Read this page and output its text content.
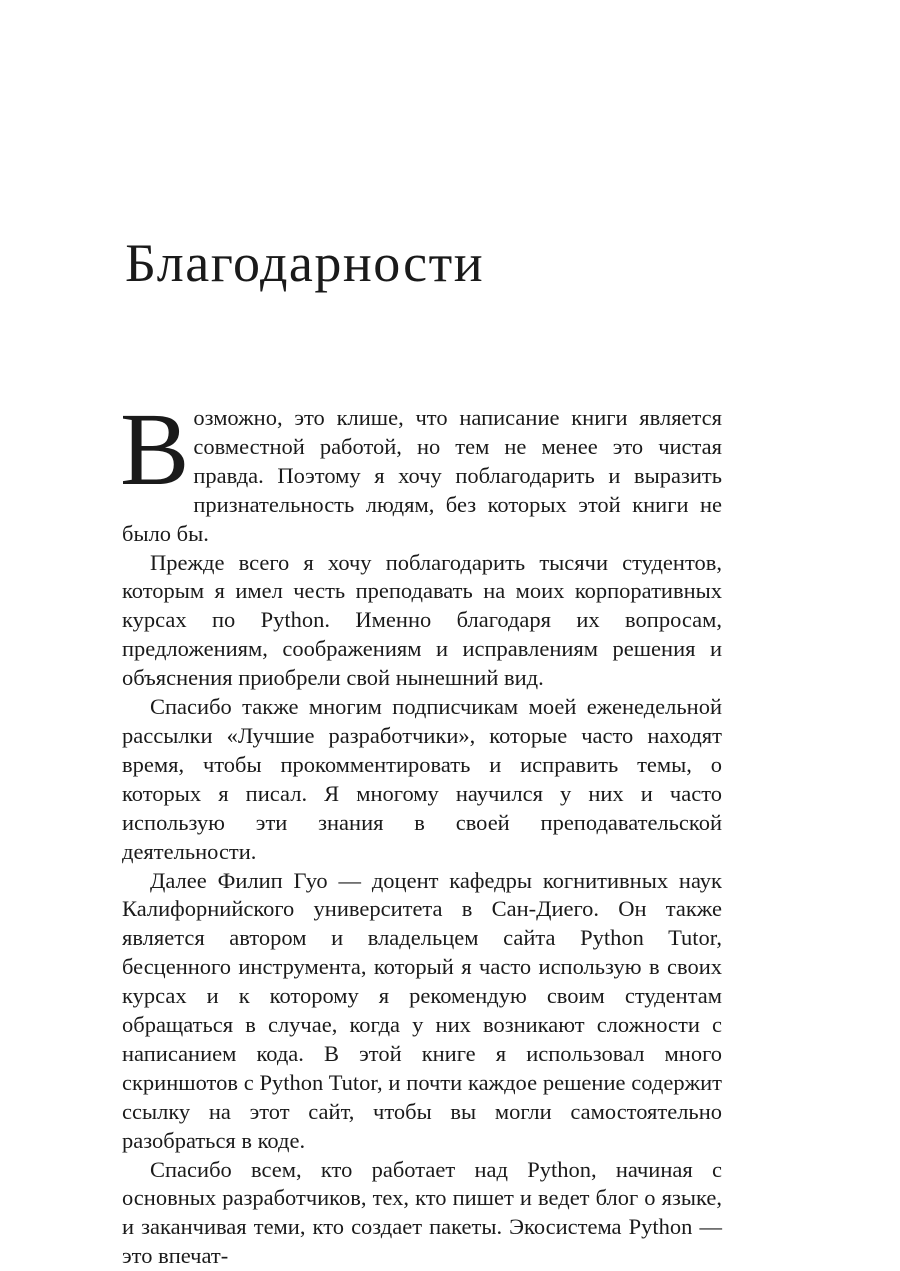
Благодарности

Возможно, это клише, что написание книги является совместной работой, но тем не менее это чистая правда. Поэтому я хочу поблагодарить и выразить признательность людям, без которых этой книги не было бы.

Прежде всего я хочу поблагодарить тысячи студентов, которым я имел честь преподавать на моих корпоративных курсах по Python. Именно благодаря их вопросам, предложениям, соображениям и исправлениям решения и объяснения приобрели свой нынешний вид.

Спасибо также многим подписчикам моей еженедельной рассылки «Лучшие разработчики», которые часто находят время, чтобы прокомментировать и исправить темы, о которых я писал. Я многому научился у них и часто использую эти знания в своей преподавательской деятельности.

Далее Филип Гуо — доцент кафедры когнитивных наук Калифорнийского университета в Сан-Диего. Он также является автором и владельцем сайта Python Tutor, бесценного инструмента, который я часто использую в своих курсах и к которому я рекомендую своим студентам обращаться в случае, когда у них возникают сложности с написанием кода. В этой книге я использовал много скриншотов с Python Tutor, и почти каждое решение содержит ссылку на этот сайт, чтобы вы могли самостоятельно разобраться в коде.

Спасибо всем, кто работает над Python, начиная с основных разработчиков, тех, кто пишет и ведет блог о языке, и заканчивая теми, кто создает пакеты. Экосистема Python — это впечат-
